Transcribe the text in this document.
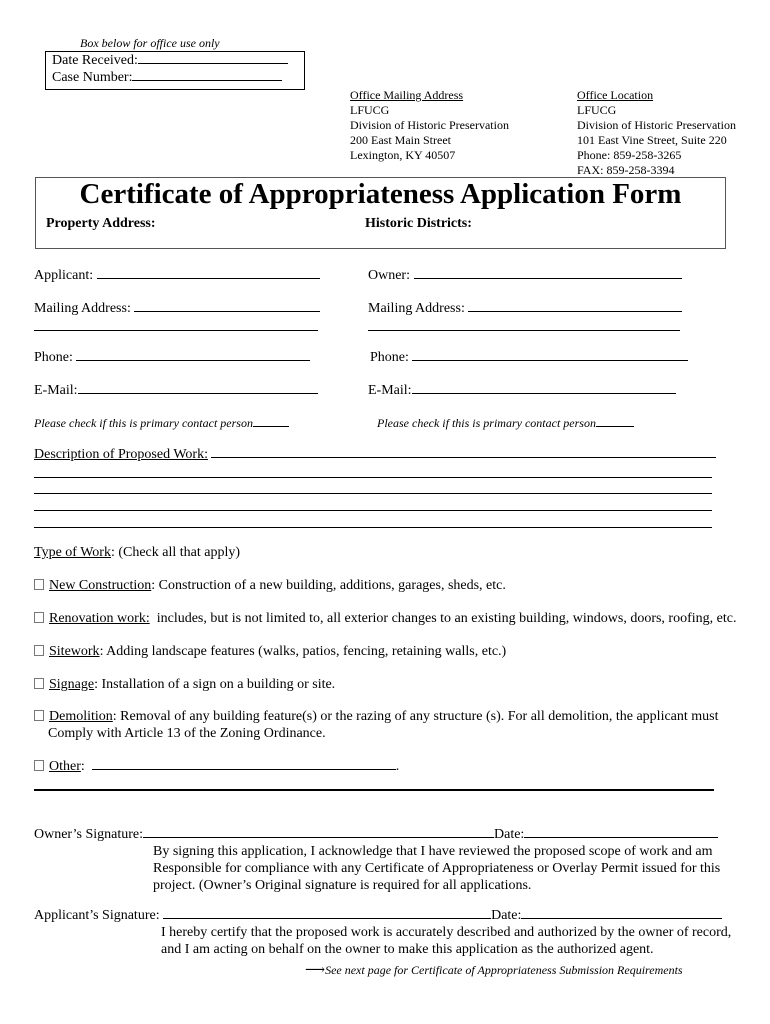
Box below for office use only
Date Received:
Case Number:
Office Mailing Address
LFUCG
Division of Historic Preservation
200 East Main Street
Lexington, KY 40507
Office Location
LFUCG
Division of Historic Preservation
101 East Vine Street, Suite 220
Phone: 859-258-3265
FAX: 859-258-3394
Certificate of Appropriateness Application Form
Property Address:	Historic Districts:
Applicant:
Mailing Address:
Phone:
E-Mail:
Please check if this is primary contact person
Owner:
Mailing Address:
Phone:
E-Mail:
Please check if this is primary contact person
Description of Proposed Work:
Type of Work: (Check all that apply)
New Construction: Construction of a new building, additions, garages, sheds, etc.
Renovation work:  includes, but is not limited to, all exterior changes to an existing building, windows, doors, roofing, etc.
Sitework: Adding landscape features (walks, patios, fencing, retaining walls, etc.)
Signage: Installation of a sign on a building or site.
Demolition: Removal of any building feature(s) or the razing of any structure (s). For all demolition, the applicant must
Comply with Article 13 of the Zoning Ordinance.
Other:	.
Owner’s Signature:	Date:
By signing this application, I acknowledge that I have reviewed the proposed scope of work and am
Responsible for compliance with any Certificate of Appropriateness or Overlay Permit issued for this
project. (Owner’s Original signature is required for all applications.
Applicant’s Signature:	Date:
I hereby certify that the proposed work is accurately described and authorized by the owner of record,
and I am acting on behalf on the owner to make this application as the authorized agent.
⟶See next page for Certificate of Appropriateness Submission Requirements
